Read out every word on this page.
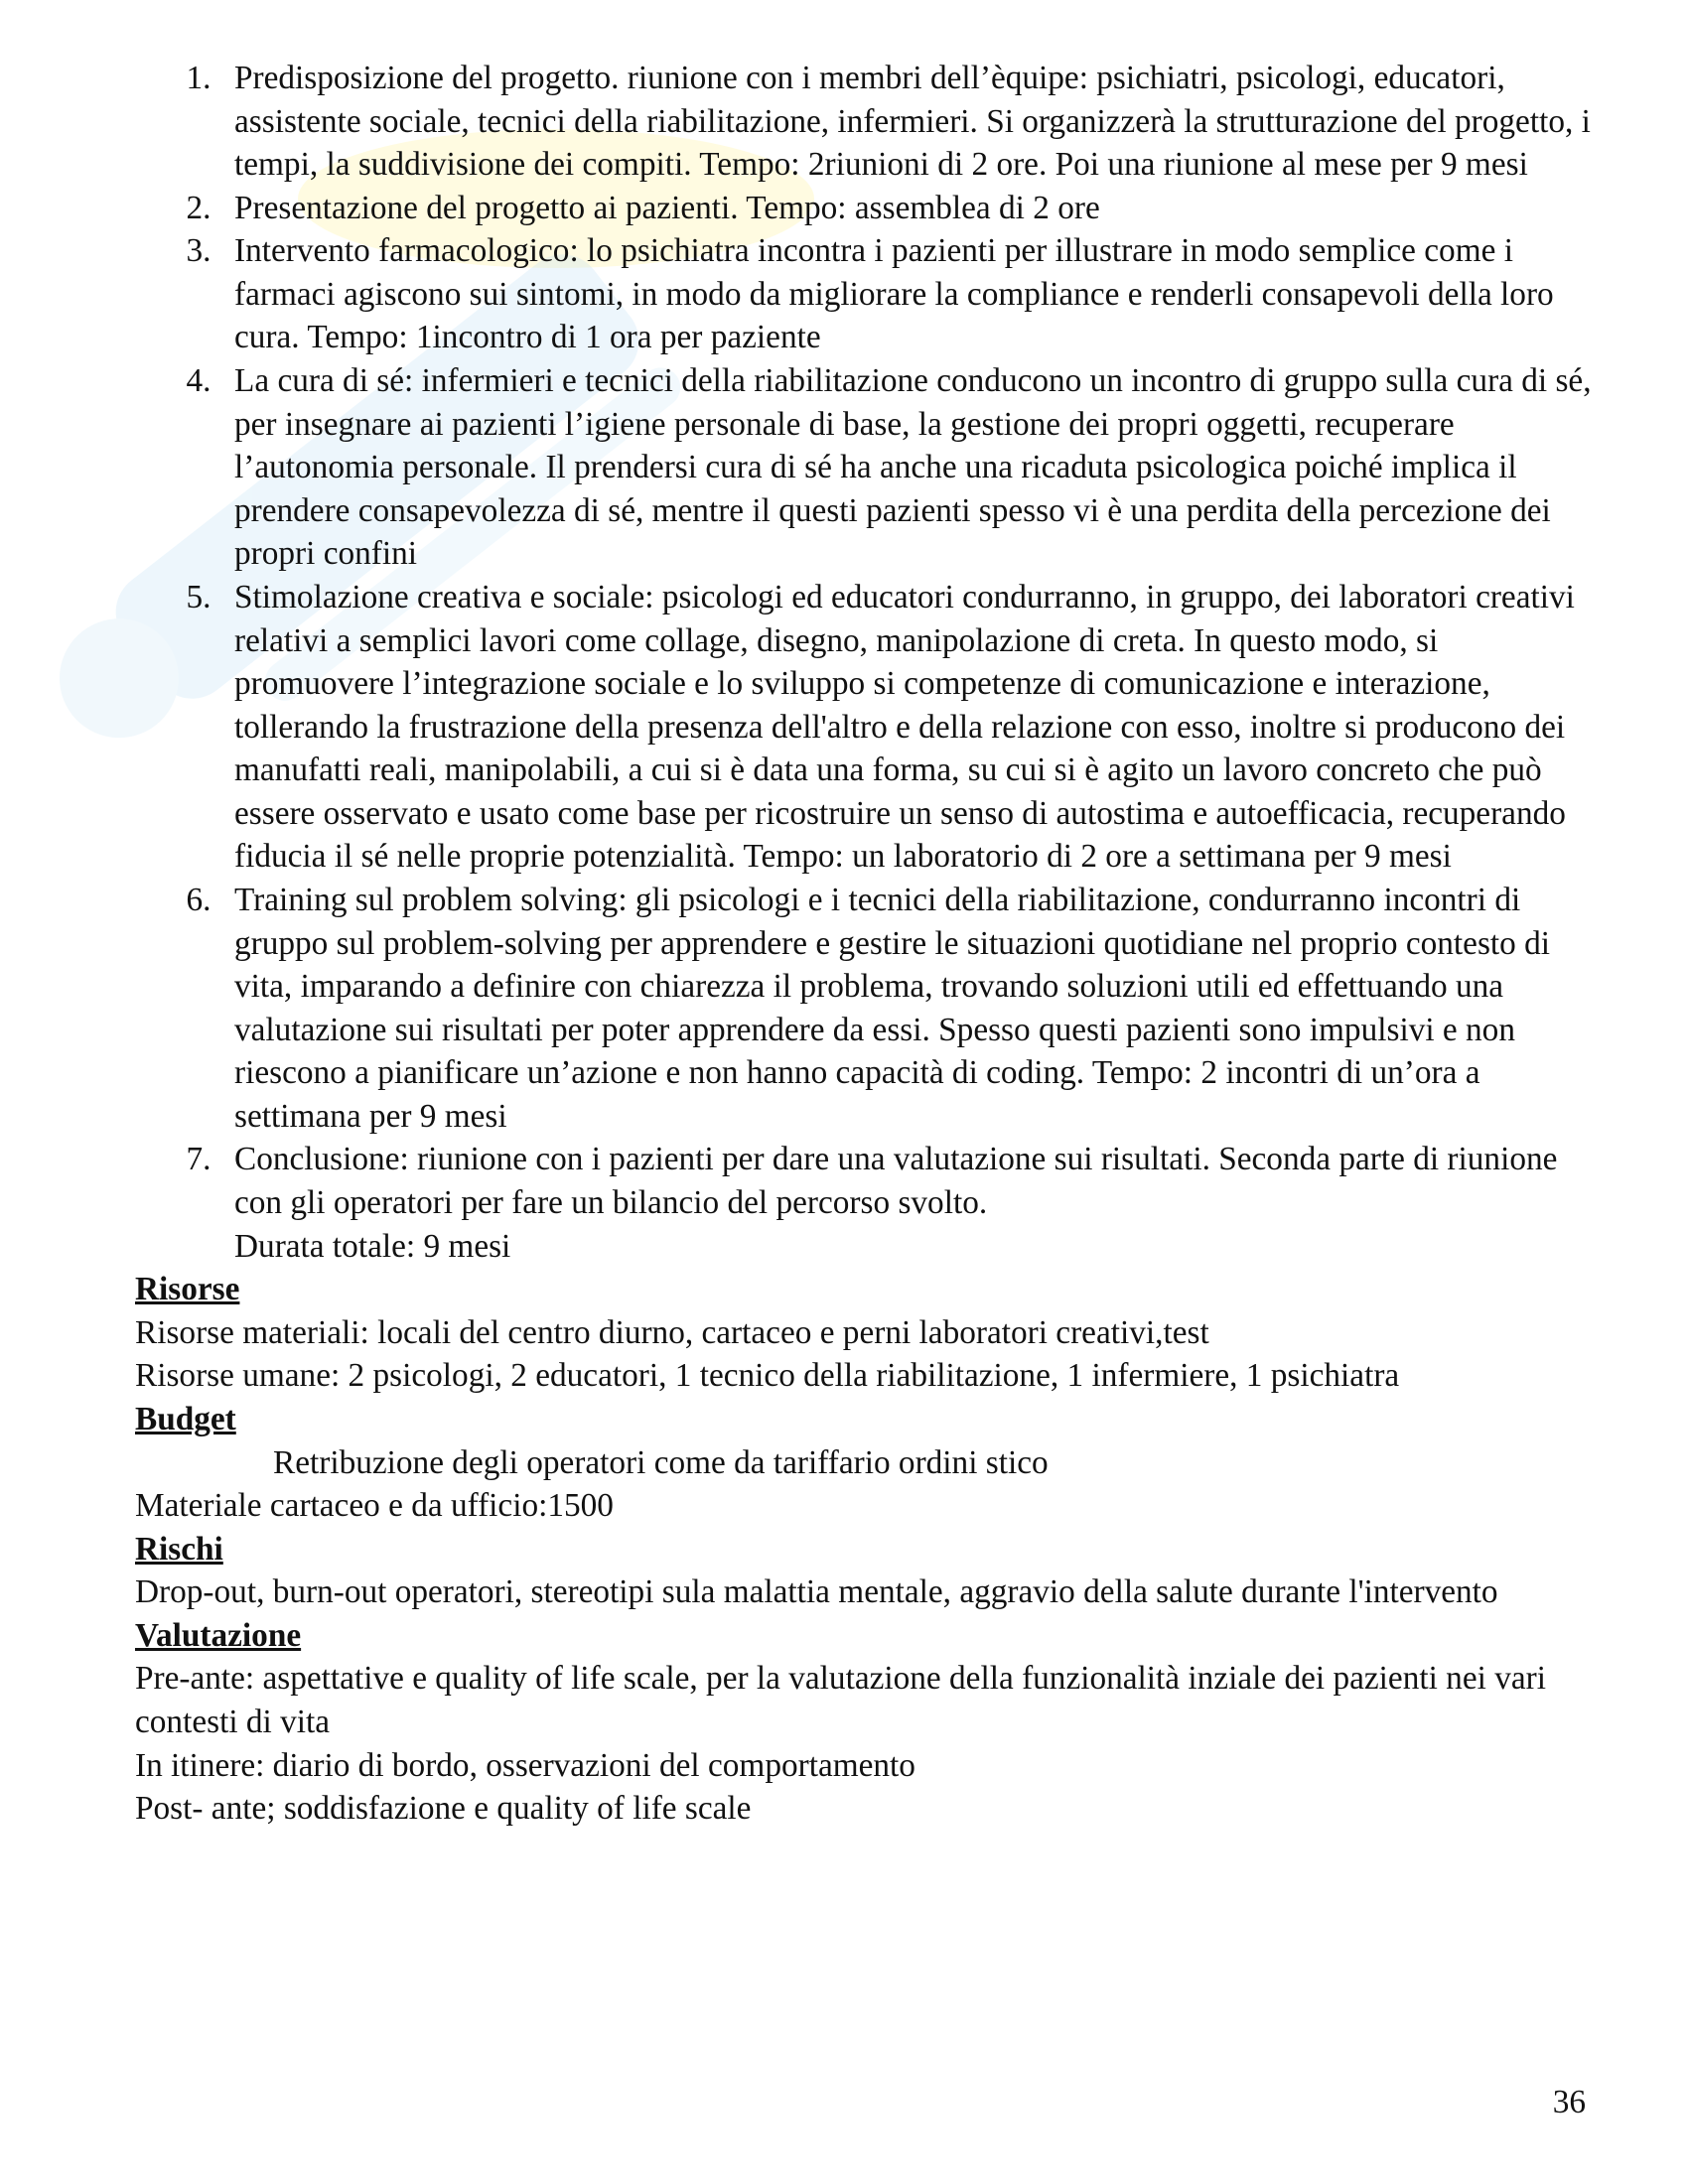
1. Predisposizione del progetto. riunione con i membri dell’èquipe: psichiatri, psicologi, educatori,
assistente sociale, tecnici della riabilitazione, infermieri. Si organizzerà la strutturazione del progetto, i
tempi, la suddivisione dei compiti. Tempo: 2riunioni di 2 ore. Poi una riunione al mese per 9 mesi
2. Presentazione del progetto ai pazienti. Tempo: assemblea di 2 ore
3. Intervento farmacologico: lo psichiatra incontra i pazienti per illustrare in modo semplice come i
farmaci agiscono sui sintomi, in modo da migliorare la compliance e renderli consapevoli della loro
cura. Tempo: 1incontro di 1 ora per paziente
4. La cura di sé: infermieri e tecnici della riabilitazione conducono un incontro di gruppo sulla cura di sé,
per insegnare ai pazienti l’igiene personale di base, la gestione dei propri oggetti, recuperare
l’autonomia personale. Il prendersi cura di sé ha anche una ricaduta psicologica poiché implica il
prendere consapevolezza di sé, mentre il questi pazienti spesso vi è una perdita della percezione dei
propri confini
5. Stimolazione creativa e sociale: psicologi ed educatori condurranno, in gruppo, dei laboratori creativi
relativi a semplici lavori come collage, disegno, manipolazione di creta. In questo modo, si
promuovere l’integrazione sociale e lo sviluppo si competenze di comunicazione e interazione,
tollerando la frustrazione della presenza dell'altro e della relazione con esso, inoltre si producono dei
manufatti reali, manipolabili, a cui si è data una forma, su cui si è agito un lavoro concreto che può
essere osservato e usato come base per ricostruire un senso di autostima e autoefficacia, recuperando
fiducia il sé nelle proprie potenzialità. Tempo: un laboratorio di 2 ore a settimana per 9 mesi
6. Training sul problem solving: gli psicologi e i tecnici della riabilitazione, condurranno incontri di
gruppo sul problem-solving per apprendere e gestire le situazioni quotidiane nel proprio contesto di
vita, imparando a definire con chiarezza il problema, trovando soluzioni utili ed effettuando una
valutazione sui risultati per poter apprendere da essi. Spesso questi pazienti sono impulsivi e non
riescono a pianificare un’azione e non hanno capacità di coding. Tempo: 2 incontri di un’ora a
settimana per 9 mesi
7. Conclusione: riunione con i pazienti per dare una valutazione sui risultati. Seconda parte di riunione
con gli operatori per fare un bilancio del percorso svolto.
Durata totale: 9 mesi
Risorse
Risorse materiali: locali del centro diurno, cartaceo e perni laboratori creativi,test
Risorse umane: 2 psicologi, 2 educatori, 1 tecnico della riabilitazione, 1 infermiere, 1 psichiatra
Budget
Retribuzione degli operatori come da tariffario ordini stico
Materiale cartaceo e da ufficio:1500
Rischi
Drop-out, burn-out operatori, stereotipi sula malattia mentale, aggravio della salute durante l'intervento
Valutazione
Pre-ante: aspettative e quality of life scale, per la valutazione della funzionalità inziale dei pazienti nei vari
contesti di vita
In itinere: diario di bordo, osservazioni del comportamento
Post- ante; soddisfazione e quality of life scale
36
